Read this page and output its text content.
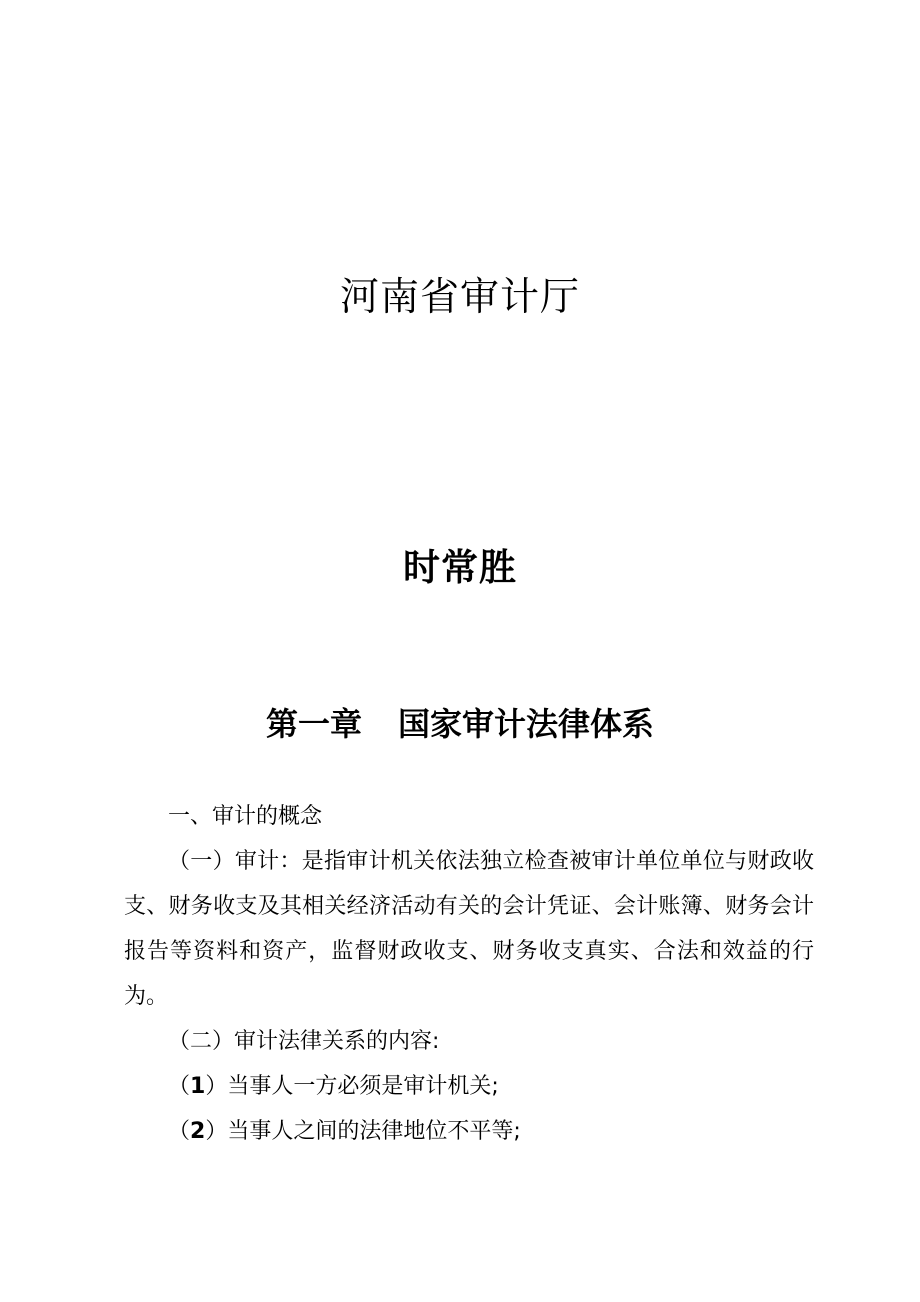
河南省审计厅
时常胜
第一章 国家审计法律体系

一、审计的概念

（一）审计：是指审计机关依法独立检查被审计单位单位与财政收支、财务收支及其相关经济活动有关的会计凭证、会计账簿、财务会计报告等资料和资产，监督财政收支、财务收支真实、合法和效益的行为。

（二）审计法律关系的内容:

（1）当事人一方必须是审计机关;

（2）当事人之间的法律地位不平等;
